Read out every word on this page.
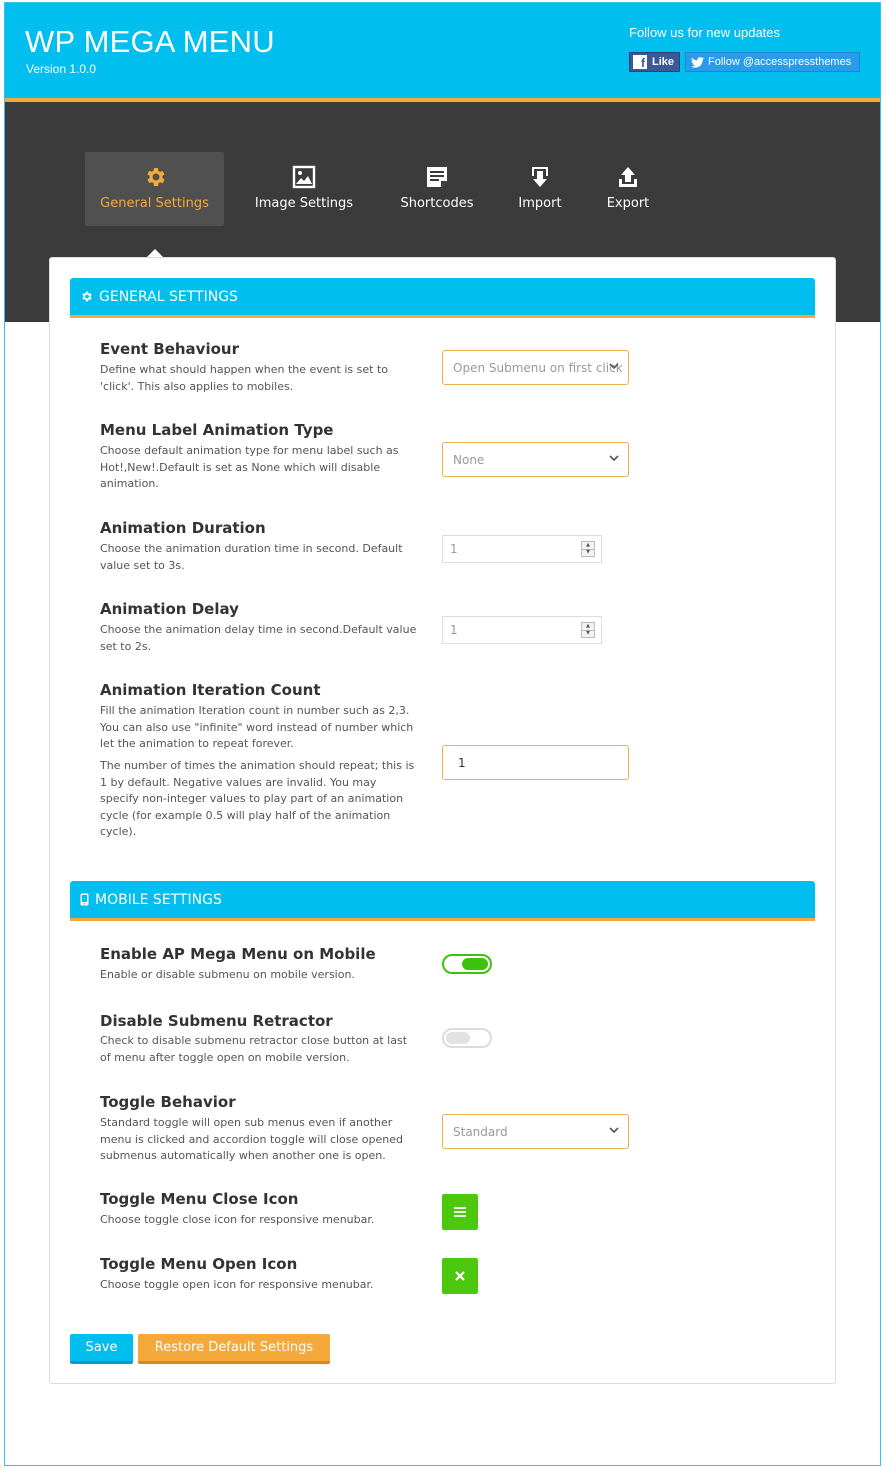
WP MEGA MENU
Version 1.0.0
Follow us for new updates
f Like	Follow @accesspressthemes
General Settings	Image Settings	Shortcodes	Import	Export
GENERAL SETTINGS
Event Behaviour
Define what should happen when the event is set to 'click'. This also applies to mobiles.
Open Submenu on first click
Menu Label Animation Type
Choose default animation type for menu label such as Hot!,New!.Default is set as None which will disable animation.
None
Animation Duration
Choose the animation duration time in second. Default value set to 3s.
1	▲
▼
Animation Delay
Choose the animation delay time in second.Default value set to 2s.
1	▲
▼
Animation Iteration Count
Fill the animation Iteration count in number such as 2,3. You can also use "infinite" word instead of number which let the animation to repeat forever.
The number of times the animation should repeat; this is 1 by default. Negative values are invalid. You may specify non-integer values to play part of an animation cycle (for example 0.5 will play half of the animation cycle).
1
MOBILE SETTINGS
Enable AP Mega Menu on Mobile
Enable or disable submenu on mobile version.
Disable Submenu Retractor
Check to disable submenu retractor close button at last of menu after toggle open on mobile version.
Toggle Behavior
Standard toggle will open sub menus even if another menu is clicked and accordion toggle will close opened submenus automatically when another one is open.
Standard
Toggle Menu Close Icon
Choose toggle close icon for responsive menubar.
Toggle Menu Open Icon
Choose toggle open icon for responsive menubar.
Save	Restore Default Settings
